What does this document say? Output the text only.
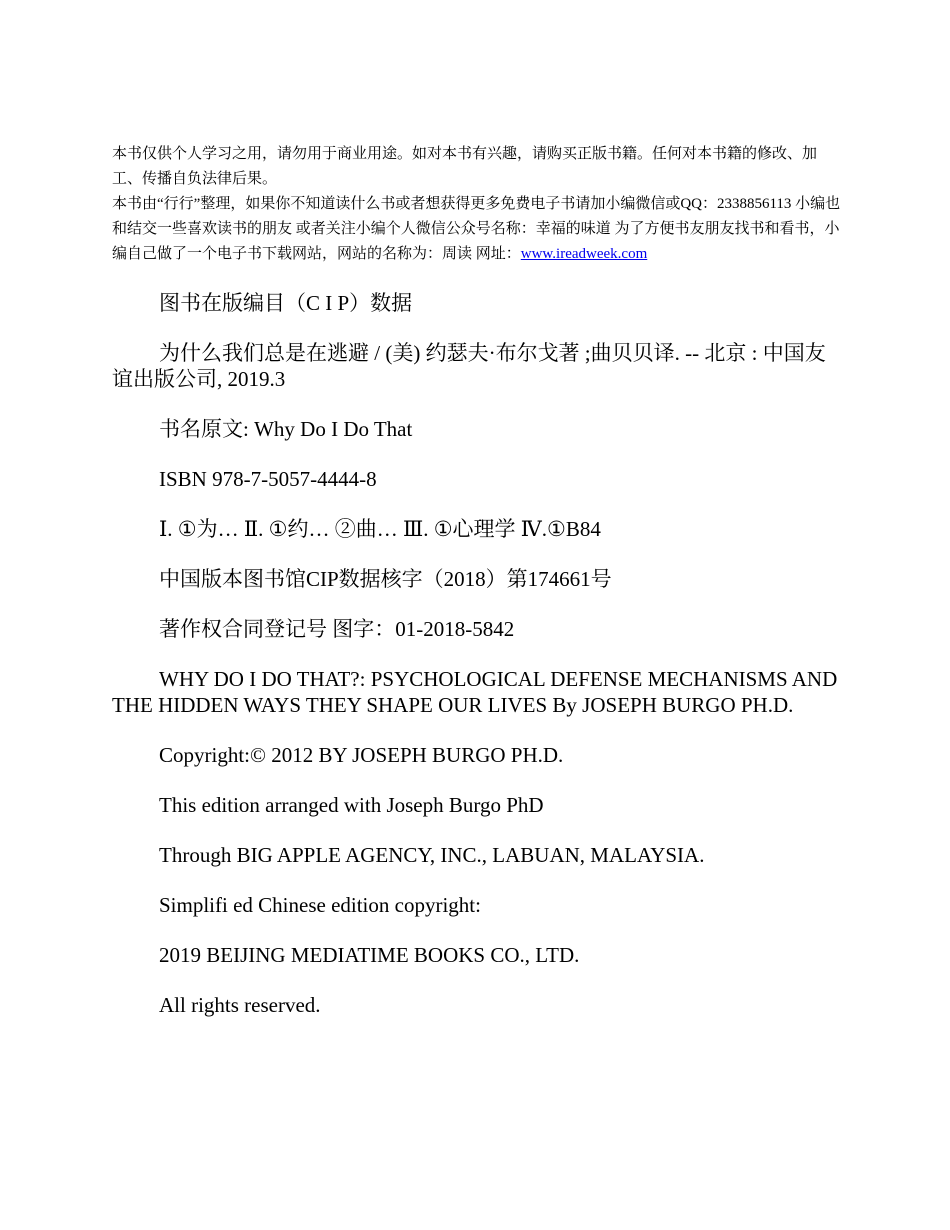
本书仅供个人学习之用，请勿用于商业用途。如对本书有兴趣，请购买正版书籍。任何对本书籍的修改、加工、传播自负法律后果。

本书由“行行”整理，如果你不知道读什么书或者想获得更多免费电子书请加小编微信或QQ：2338856113 小编也和结交一些喜欢读书的朋友 或者关注小编个人微信公众号名称：幸福的味道 为了方便书友朋友找书和看书，小编自己做了一个电子书下载网站，网站的名称为：周读 网址：www.ireadweek.com

图书在版编目（C I P）数据

为什么我们总是在逃避 / (美) 约瑟夫·布尔戈著 ;曲贝贝译. -- 北京 : 中国友谊出版公司, 2019.3

书名原文: Why Do I Do That

ISBN 978-7-5057-4444-8

Ⅰ. ①为… Ⅱ. ①约… ②曲… Ⅲ. ①心理学 Ⅳ.①B84

中国版本图书馆CIP数据核字（2018）第174661号

著作权合同登记号 图字：01-2018-5842

WHY DO I DO THAT?: PSYCHOLOGICAL DEFENSE MECHANISMS AND THE HIDDEN WAYS THEY SHAPE OUR LIVES By JOSEPH BURGO PH.D.

Copyright:© 2012 BY JOSEPH BURGO PH.D.

This edition arranged with Joseph Burgo PhD

Through BIG APPLE AGENCY, INC., LABUAN, MALAYSIA.

Simplifi ed Chinese edition copyright:

2019 BEIJING MEDIATIME BOOKS CO., LTD.

All rights reserved.
